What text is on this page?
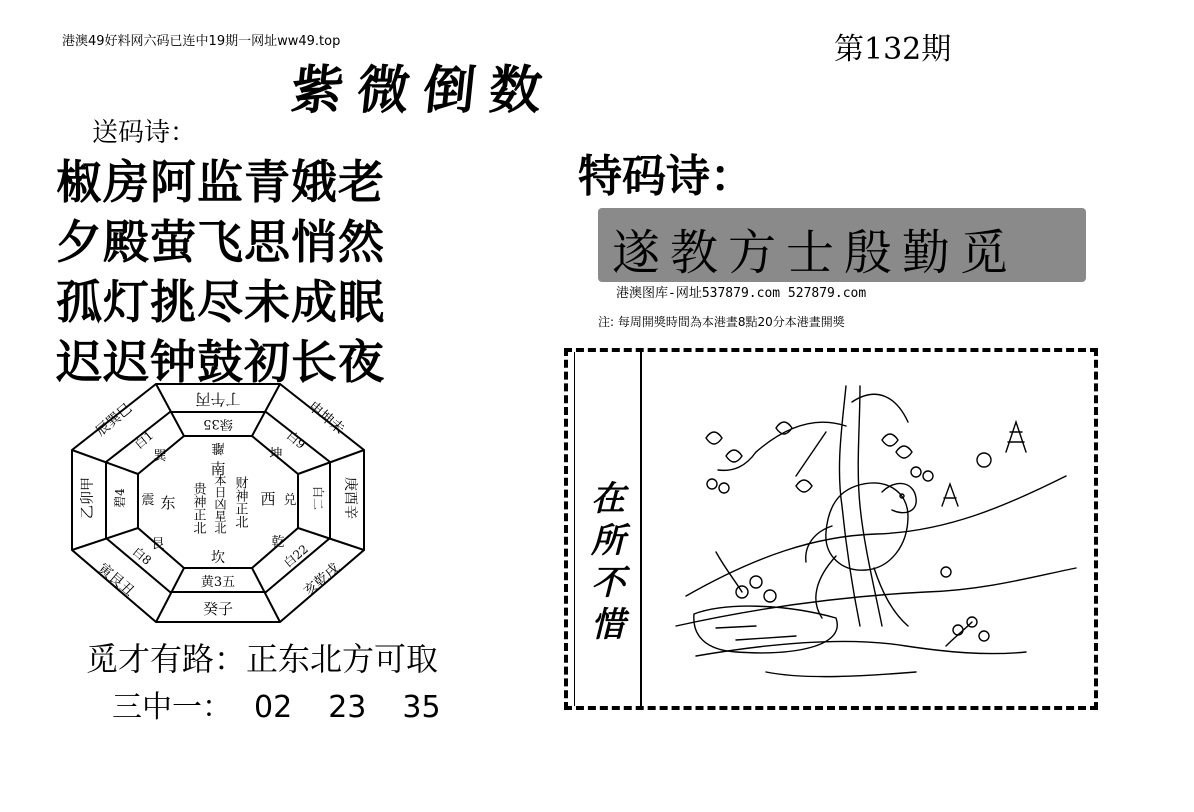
港澳49好料网六码已连中19期一网址ww49.top	第132期
紫微倒数
送码诗：
椒房阿监青娥老
夕殿萤飞思悄然
孤灯挑尽未成眠
迟迟钟鼓初长夜
特码诗：
遂教方士殷勤觅
港澳图库-网址537879.com 527879.com
注: 每周開獎時間為本港晝8點20分本港晝開獎
丁午丙	申坤未
庚酉辛
亥乾戌
癸子
寅艮丑
乙卯甲
辰巽巳	绿35
白9
白二
白22
黄3五
白8
碧4
白1	離
坎
乾
艮
震
巽	坤
兑
南
西
东 贵神正北 本日凶星北 财神正北
觅才有路：正东北方可取
三中一： 02 23 35
在
所
不
惜
